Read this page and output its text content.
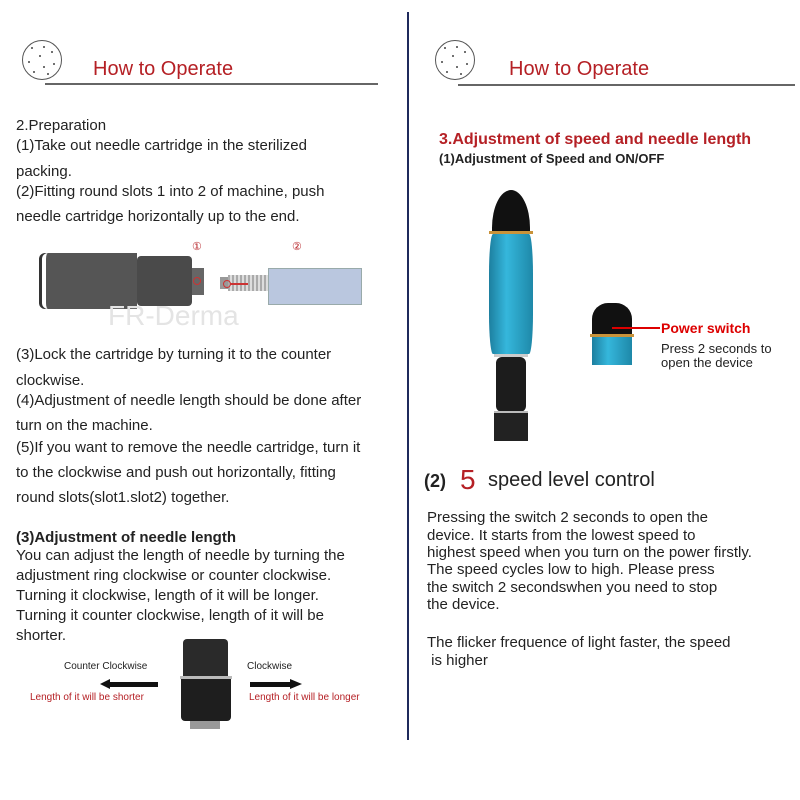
How to Operate
2.Preparation
(1)Take out needle cartridge in the sterilized
packing.
(2)Fitting round slots 1 into 2 of machine, push
needle cartridge horizontally up to the end.
①	②
FR-Derma
(3)Lock the cartridge by turning it to the counter
clockwise.
(4)Adjustment of needle length should be done after
turn on the machine.
(5)If you want to remove the needle cartridge, turn it
to the clockwise and push out horizontally, fitting
round slots(slot1.slot2) together.
(3)Adjustment of needle length
You can adjust the length of needle by turning the
adjustment ring clockwise or counter clockwise.
Turning it clockwise, length of it will be longer.
Turning it counter clockwise, length of it will be
shorter.
Counter Clockwise
Length of it will be shorter
Clockwise
Length of it will be longer
How to Operate
3.Adjustment of speed and needle length
(1)Adjustment of Speed and ON/OFF
Power switch
Press 2 seconds to
open the device
(2) 5 speed level control
Pressing the switch 2 seconds to open the
device. It starts from the lowest speed to
highest speed when you turn on the power firstly.
The speed cycles low to high. Please press
the switch 2 secondswhen you need to stop
the device.
The flicker frequence of light faster, the speed
is higher
